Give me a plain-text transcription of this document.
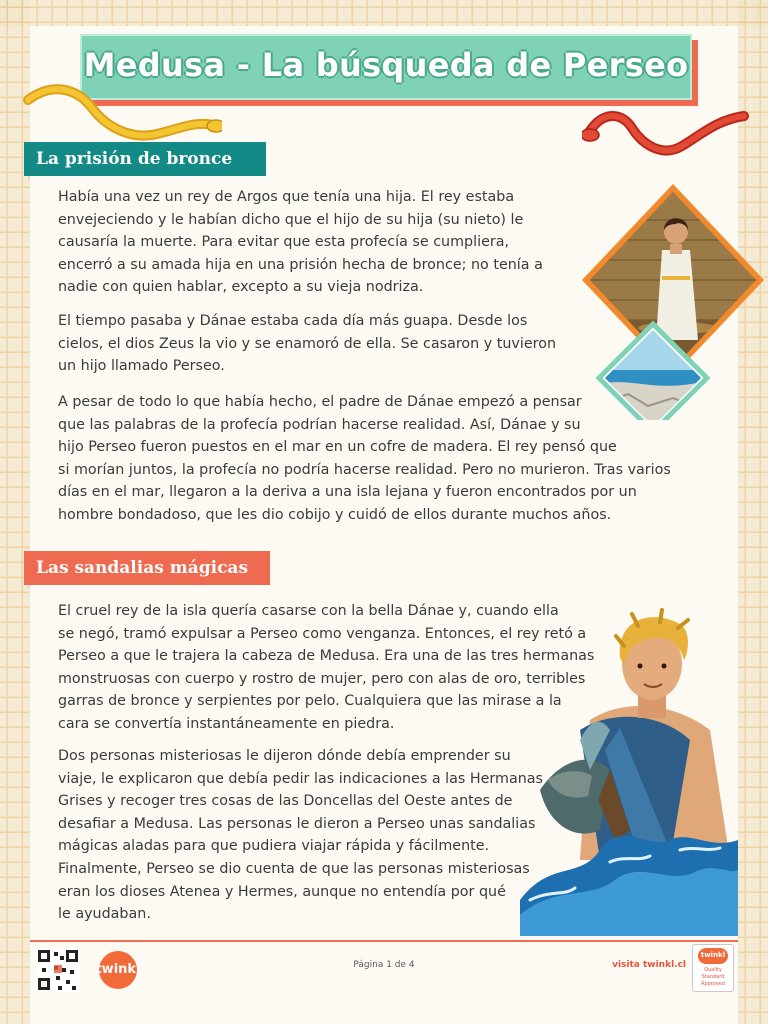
Medusa - La búsqueda de Perseo
La prisión de bronce

Había una vez un rey de Argos que tenía una hija. El rey estaba
envejeciendo y le habían dicho que el hijo de su hija (su nieto) le
causaría la muerte. Para evitar que esta profecía se cumpliera,
encerró a su amada hija en una prisión hecha de bronce; no tenía a
nadie con quien hablar, excepto a su vieja nodriza.

El tiempo pasaba y Dánae estaba cada día más guapa. Desde los
cielos, el dios Zeus la vio y se enamoró de ella. Se casaron y tuvieron
un hijo llamado Perseo.

A pesar de todo lo que había hecho, el padre de Dánae empezó a pensar
que las palabras de la profecía podrían hacerse realidad. Así, Dánae y su
hijo Perseo fueron puestos en el mar en un cofre de madera. El rey pensó que
si morían juntos, la profecía no podría hacerse realidad. Pero no murieron. Tras varios
días en el mar, llegaron a la deriva a una isla lejana y fueron encontrados por un
hombre bondadoso, que les dio cobijo y cuidó de ellos durante muchos años.

Las sandalias mágicas

El cruel rey de la isla quería casarse con la bella Dánae y, cuando ella
se negó, tramó expulsar a Perseo como venganza. Entonces, el rey retó a
Perseo a que le trajera la cabeza de Medusa. Era una de las tres hermanas
monstruosas con cuerpo y rostro de mujer, pero con alas de oro, terribles
garras de bronce y serpientes por pelo. Cualquiera que las mirase a la
cara se convertía instantáneamente en piedra.

Dos personas misteriosas le dijeron dónde debía emprender su
viaje, le explicaron que debía pedir las indicaciones a las Hermanas
Grises y recoger tres cosas de las Doncellas del Oeste antes de
desafiar a Medusa. Las personas le dieron a Perseo unas sandalias
mágicas aladas para que pudiera viajar rápida y fácilmente.
Finalmente, Perseo se dio cuenta de que las personas misteriosas
eran los dioses Atenea y Hermes, aunque no entendía por qué
le ayudaban.

twinkl	Página 1 de 4	visita twinkl.cl
twinkl
Quality Standard Approved
